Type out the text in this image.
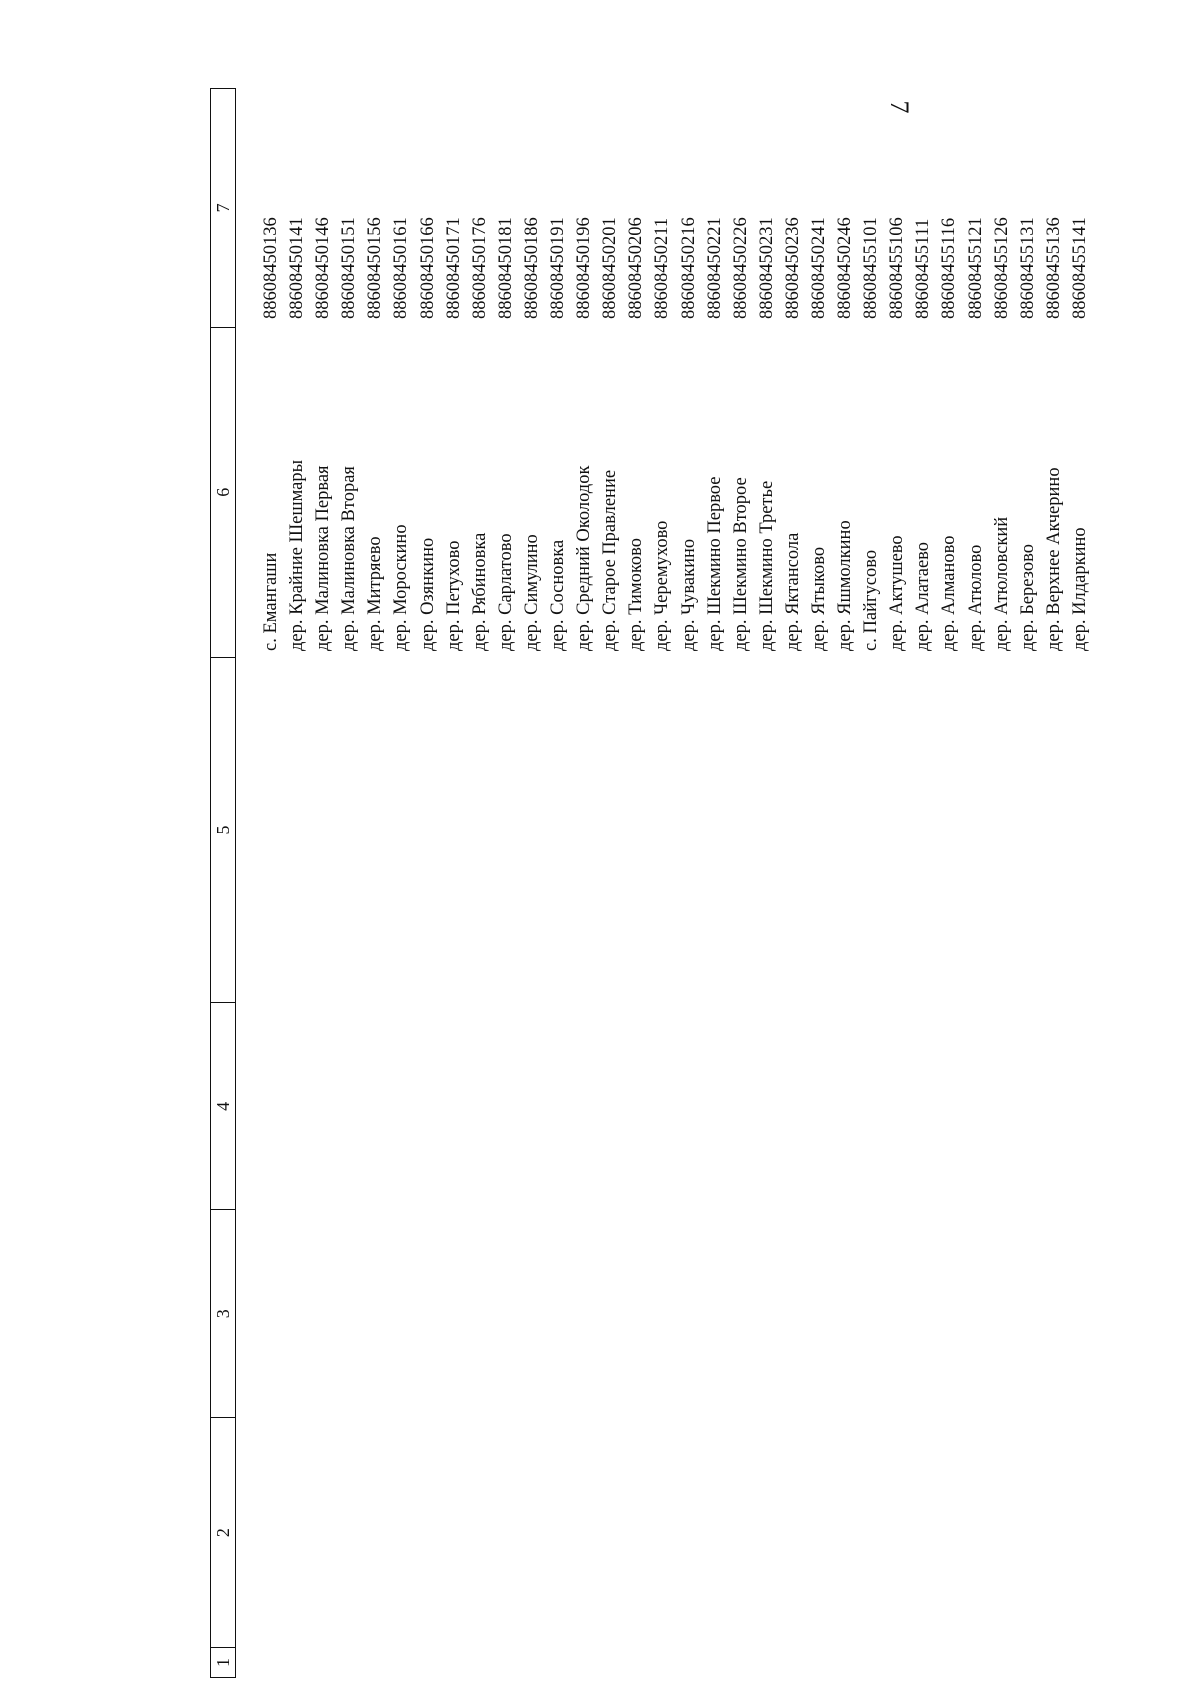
7
1
2
3
4
5
6
7
с. Емангаши
88608450136
дер. Крайние Шешмары
88608450141
дер. Малиновка Первая
88608450146
дер. Малиновка Вторая
88608450151
дер. Митряево
88608450156
дер. Мороскино
88608450161
дер. Озянкино
88608450166
дер. Петухово
88608450171
дер. Рябиновка
88608450176
дер. Сарлатово
88608450181
дер. Симулино
88608450186
дер. Сосновка
88608450191
дер. Средний Околодок
88608450196
дер. Старое Правление
88608450201
дер. Тимоково
88608450206
дер. Черемухово
88608450211
дер. Чувакино
88608450216
дер. Шекмино Первое
88608450221
дер. Шекмино Второе
88608450226
дер. Шекмино Третье
88608450231
дер. Яктансола
88608450236
дер. Ятыково
88608450241
дер. Яшмолкино
88608450246
с. Пайгусово
88608455101
дер. Актушево
88608455106
дер. Алатаево
88608455111
дер. Алманово
88608455116
дер. Атюлово
88608455121
дер. Атюловский
88608455126
дер. Березово
88608455131
дер. Верхнее Акчерино
88608455136
дер. Илдаркино
88608455141
